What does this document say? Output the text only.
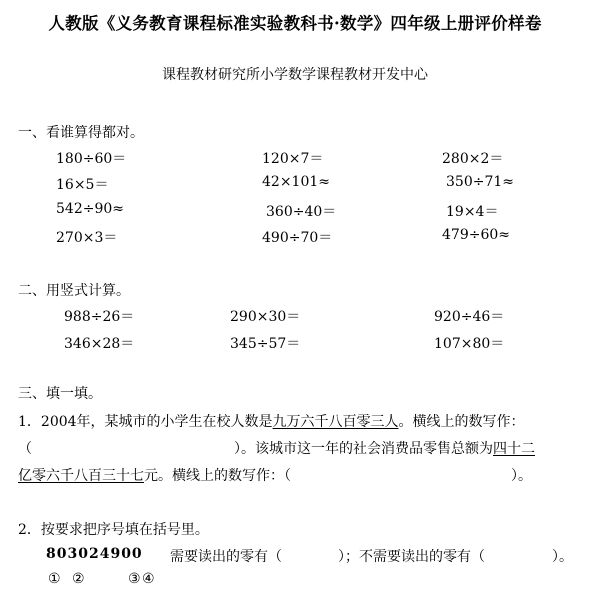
人教版《义务教育课程标准实验教科书·数学》四年级上册评价样卷
课程教材研究所小学数学课程教材开发中心
一、看谁算得都对。
180÷60＝	120×7＝	280×2＝
16×5＝	42×101≈	350÷71≈
542÷90≈	360÷40＝	19×4＝
270×3＝	490÷70＝	479÷60≈
二、用竖式计算。
988÷26＝	290×30＝	920÷46＝
346×28＝	345÷57＝	107×80＝
三、填一填。
1．2004年，某城市的小学生在校人数是九万六千八百零三人。横线上的数写作：
（	）。该城市这一年的社会消费品零售总额为四十二
亿零六千八百三十七元。横线上的数写作：（	）。
2．按要求把序号填在括号里。
803024900 需要读出的零有（	）；不需要读出的零有（	）。
① ②	③ ④
